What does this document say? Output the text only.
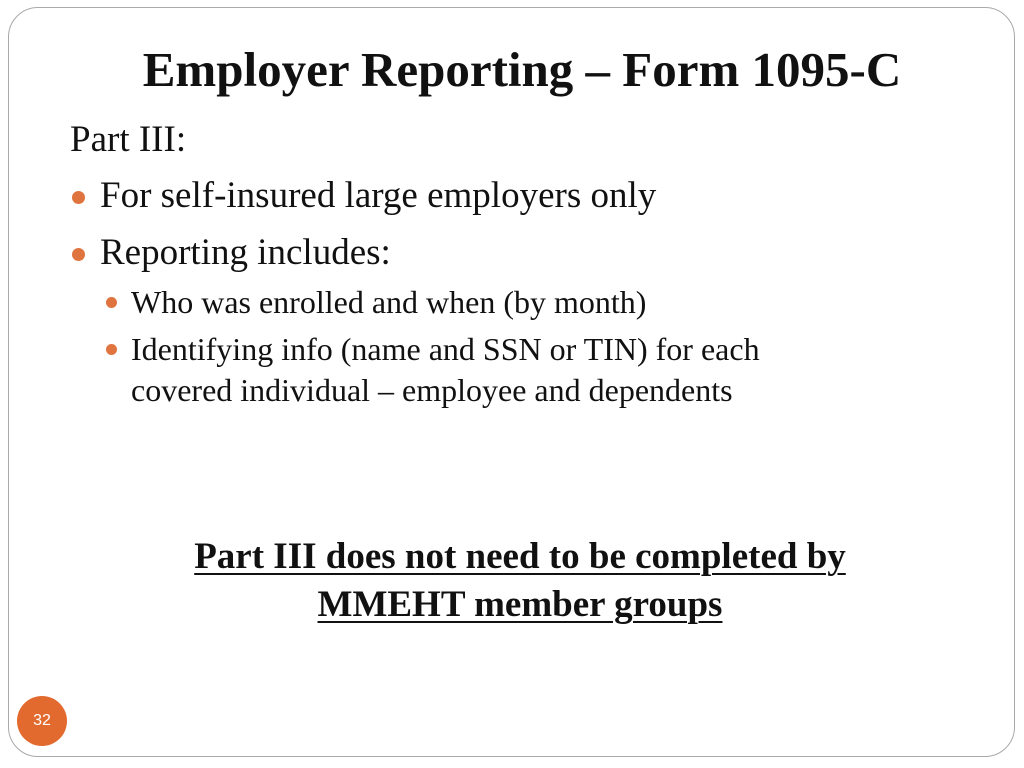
Employer Reporting – Form 1095-C
Part III:
For self-insured large employers only
Reporting includes:
Who was enrolled and when (by month)
Identifying info (name and SSN or TIN) for each
covered individual – employee and dependents
Part III does not need to be completed by
MMEHT member groups
32
